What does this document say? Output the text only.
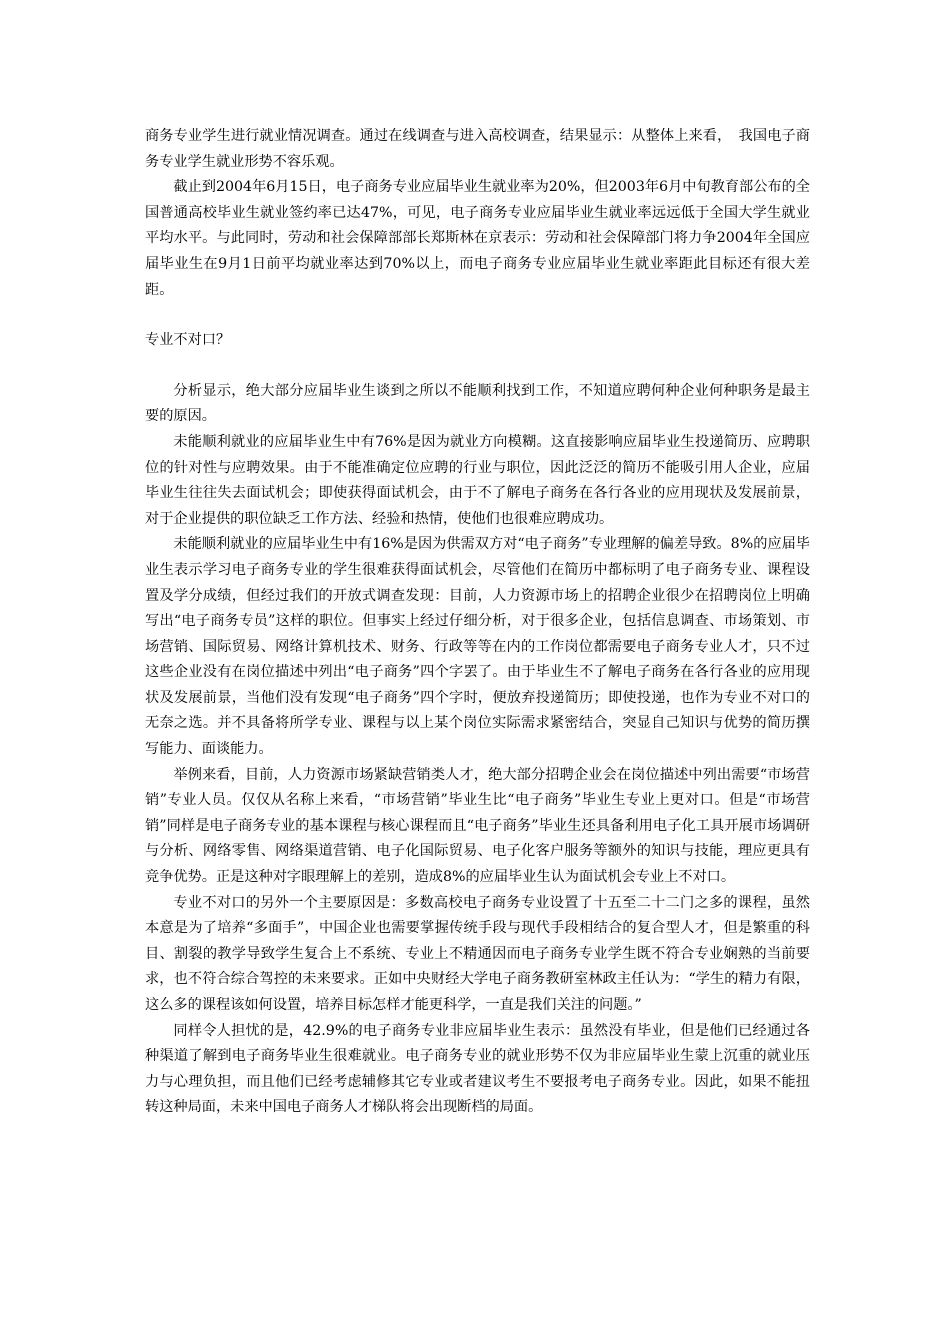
商务专业学生进行就业情况调查。通过在线调查与进入高校调查，结果显示：从整体上来看，　我国电子商务专业学生就业形势不容乐观。

截止到2004年6月15日，电子商务专业应届毕业生就业率为20%，但2003年6月中旬教育部公布的全国普通高校毕业生就业签约率已达47%，可见，电子商务专业应届毕业生就业率远远低于全国大学生就业平均水平。与此同时，劳动和社会保障部部长郑斯林在京表示：劳动和社会保障部门将力争2004年全国应届毕业生在9月1日前平均就业率达到70%以上，而电子商务专业应届毕业生就业率距此目标还有很大差距。

专业不对口？

分析显示，绝大部分应届毕业生谈到之所以不能顺利找到工作，不知道应聘何种企业何种职务是最主要的原因。

未能顺利就业的应届毕业生中有76%是因为就业方向模糊。这直接影响应届毕业生投递简历、应聘职位的针对性与应聘效果。由于不能准确定位应聘的行业与职位，因此泛泛的简历不能吸引用人企业，应届毕业生往往失去面试机会；即使获得面试机会，由于不了解电子商务在各行各业的应用现状及发展前景，对于企业提供的职位缺乏工作方法、经验和热情，使他们也很难应聘成功。

未能顺利就业的应届毕业生中有16%是因为供需双方对“电子商务”专业理解的偏差导致。8%的应届毕业生表示学习电子商务专业的学生很难获得面试机会，尽管他们在简历中都标明了电子商务专业、课程设置及学分成绩，但经过我们的开放式调查发现：目前，人力资源市场上的招聘企业很少在招聘岗位上明确写出“电子商务专员”这样的职位。但事实上经过仔细分析，对于很多企业，包括信息调查、市场策划、市场营销、国际贸易、网络计算机技术、财务、行政等等在内的工作岗位都需要电子商务专业人才，只不过这些企业没有在岗位描述中列出“电子商务”四个字罢了。由于毕业生不了解电子商务在各行各业的应用现状及发展前景，当他们没有发现“电子商务”四个字时，便放弃投递简历；即使投递，也作为专业不对口的无奈之选。并不具备将所学专业、课程与以上某个岗位实际需求紧密结合，突显自己知识与优势的简历撰写能力、面谈能力。

举例来看，目前，人力资源市场紧缺营销类人才，绝大部分招聘企业会在岗位描述中列出需要“市场营销”专业人员。仅仅从名称上来看，“市场营销”毕业生比“电子商务”毕业生专业上更对口。但是“市场营销”同样是电子商务专业的基本课程与核心课程而且“电子商务”毕业生还具备利用电子化工具开展市场调研与分析、网络零售、网络渠道营销、电子化国际贸易、电子化客户服务等额外的知识与技能，理应更具有竞争优势。正是这种对字眼理解上的差别，造成8%的应届毕业生认为面试机会专业上不对口。

专业不对口的另外一个主要原因是：多数高校电子商务专业设置了十五至二十二门之多的课程，虽然本意是为了培养“多面手”，中国企业也需要掌握传统手段与现代手段相结合的复合型人才，但是繁重的科目、割裂的教学导致学生复合上不系统、专业上不精通因而电子商务专业学生既不符合专业娴熟的当前要求，也不符合综合驾控的未来要求。正如中央财经大学电子商务教研室林政主任认为：“学生的精力有限，这么多的课程该如何设置，培养目标怎样才能更科学，一直是我们关注的问题。”

同样令人担忧的是，42.9%的电子商务专业非应届毕业生表示：虽然没有毕业，但是他们已经通过各种渠道了解到电子商务毕业生很难就业。电子商务专业的就业形势不仅为非应届毕业生蒙上沉重的就业压力与心理负担，而且他们已经考虑辅修其它专业或者建议考生不要报考电子商务专业。因此，如果不能扭转这种局面，未来中国电子商务人才梯队将会出现断档的局面。
